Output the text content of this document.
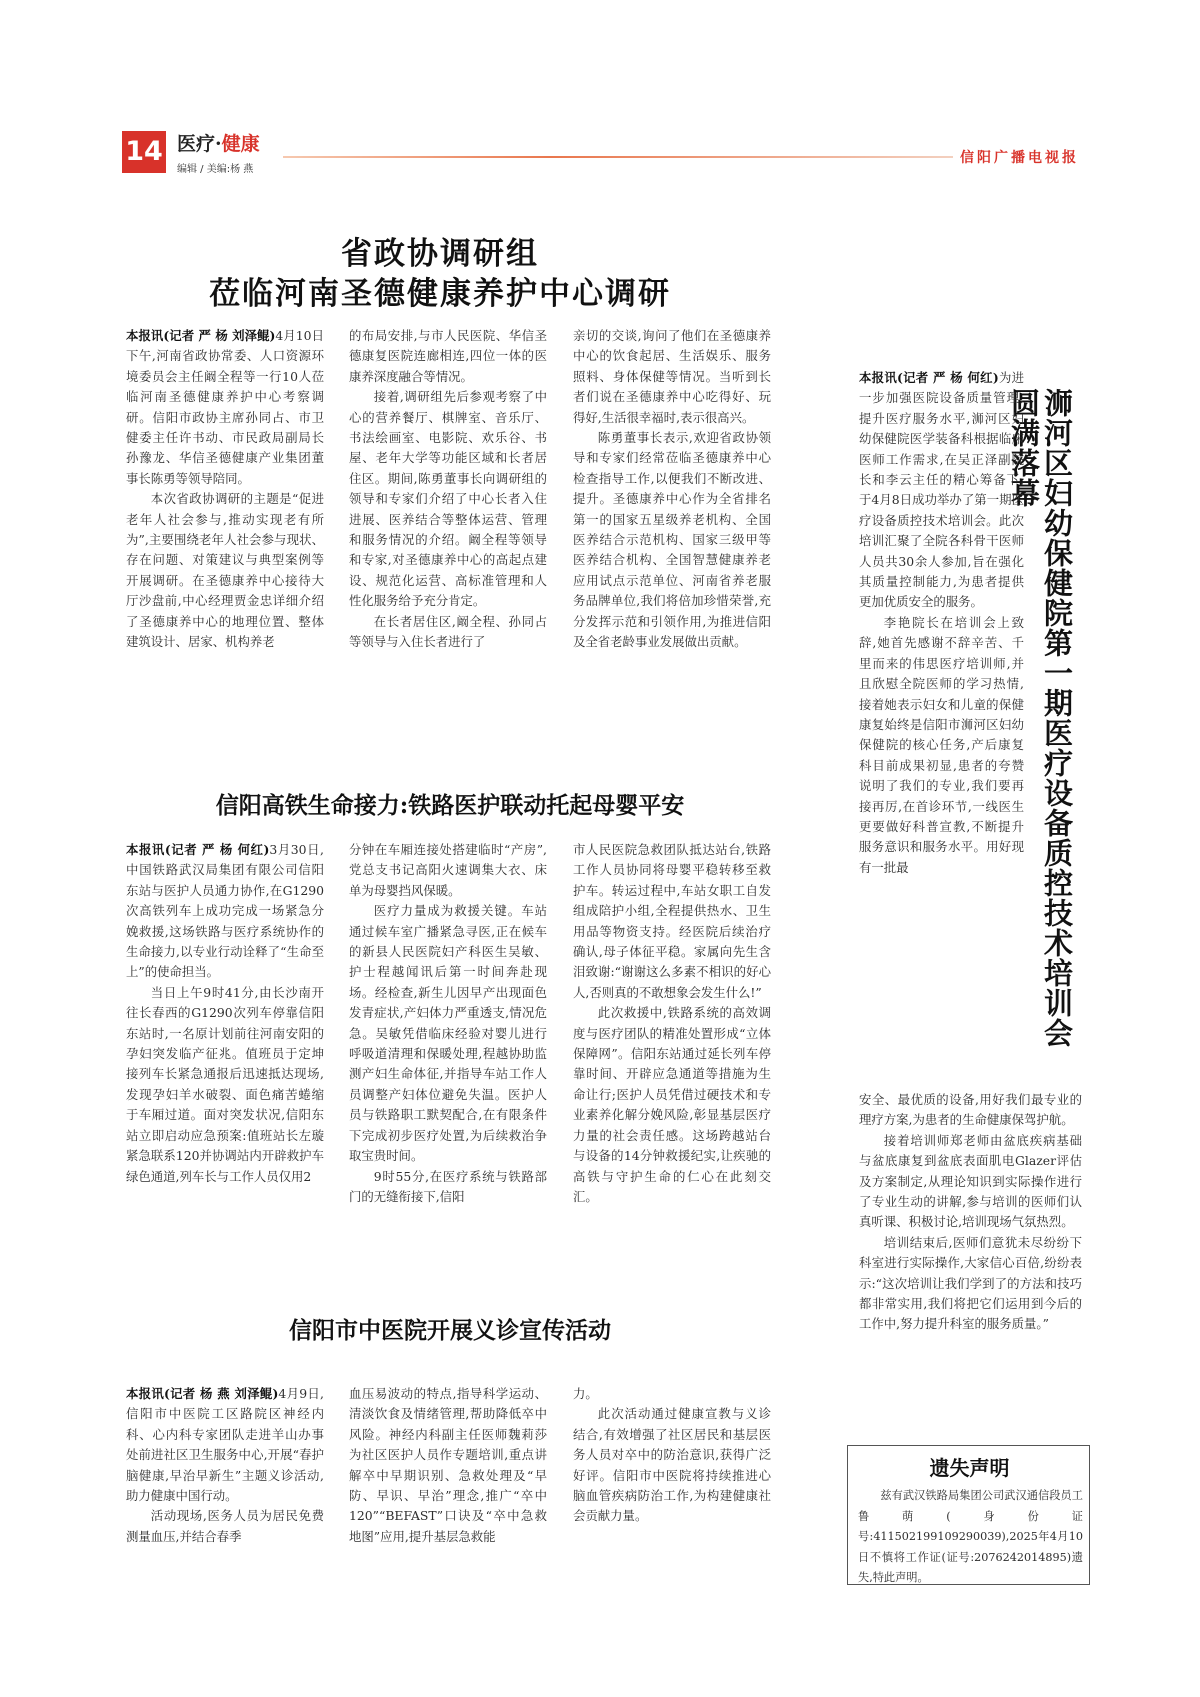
14 医疗·健康
编辑 / 美编:杨 燕
信阳广播电视报
省政协调研组
莅临河南圣德健康养护中心调研

本报讯(记者 严 杨 刘泽鲲)4月10日下午,河南省政协常委、人口资源环境委员会主任阚全程等一行10人莅临河南圣德健康养护中心考察调研。信阳市政协主席孙同占、市卫健委主任许书动、市民政局副局长孙豫龙、华信圣德健康产业集团董事长陈勇等领导陪同。

本次省政协调研的主题是“促进老年人社会参与,推动实现老有所为”,主要围绕老年人社会参与现状、存在问题、对策建议与典型案例等开展调研。在圣德康养中心接待大厅沙盘前,中心经理贾金忠详细介绍了圣德康养中心的地理位置、整体建筑设计、居家、机构养老

的布局安排,与市人民医院、华信圣德康复医院连廊相连,四位一体的医康养深度融合等情况。

接着,调研组先后参观考察了中心的营养餐厅、棋牌室、音乐厅、书法绘画室、电影院、欢乐谷、书屋、老年大学等功能区域和长者居住区。期间,陈勇董事长向调研组的领导和专家们介绍了中心长者入住进展、医养结合等整体运营、管理和服务情况的介绍。阚全程等领导和专家,对圣德康养中心的高起点建设、规范化运营、高标准管理和人性化服务给予充分肯定。

在长者居住区,阚全程、孙同占等领导与入住长者进行了

亲切的交谈,询问了他们在圣德康养中心的饮食起居、生活娱乐、服务照料、身体保健等情况。当听到长者们说在圣德康养中心吃得好、玩得好,生活很幸福时,表示很高兴。

陈勇董事长表示,欢迎省政协领导和专家们经常莅临圣德康养中心检查指导工作,以便我们不断改进、提升。圣德康养中心作为全省排名第一的国家五星级养老机构、全国医养结合示范机构、国家三级甲等医养结合机构、全国智慧健康养老应用试点示范单位、河南省养老服务品牌单位,我们将倍加珍惜荣誉,充分发挥示范和引领作用,为推进信阳及全省老龄事业发展做出贡献。

信阳高铁生命接力:铁路医护联动托起母婴平安

本报讯(记者 严 杨 何红)3月30日,中国铁路武汉局集团有限公司信阳东站与医护人员通力协作,在G1290次高铁列车上成功完成一场紧急分娩救援,这场铁路与医疗系统协作的生命接力,以专业行动诠释了“生命至上”的使命担当。

当日上午9时41分,由长沙南开往长春西的G1290次列车停靠信阳东站时,一名原计划前往河南安阳的孕妇突发临产征兆。值班员于定坤接列车长紧急通报后迅速抵达现场,发现孕妇羊水破裂、面色痛苦蜷缩于车厢过道。面对突发状况,信阳东站立即启动应急预案:值班站长左璇紧急联系120并协调站内开辟救护车绿色通道,列车长与工作人员仅用2

分钟在车厢连接处搭建临时“产房”,党总支书记高阳火速调集大衣、床单为母婴挡风保暖。

医疗力量成为救援关键。车站通过候车室广播紧急寻医,正在候车的新县人民医院妇产科医生吴敏、护士程越闻讯后第一时间奔赴现场。经检查,新生儿因早产出现面色发青症状,产妇体力严重透支,情况危急。吴敏凭借临床经验对婴儿进行呼吸道清理和保暖处理,程越协助监测产妇生命体征,并指导车站工作人员调整产妇体位避免失温。医护人员与铁路职工默契配合,在有限条件下完成初步医疗处置,为后续救治争取宝贵时间。

9时55分,在医疗系统与铁路部门的无缝衔接下,信阳

市人民医院急救团队抵达站台,铁路工作人员协同将母婴平稳转移至救护车。转运过程中,车站女职工自发组成陪护小组,全程提供热水、卫生用品等物资支持。经医院后续治疗确认,母子体征平稳。家属向先生含泪致谢:“谢谢这么多素不相识的好心人,否则真的不敢想象会发生什么!”

此次救援中,铁路系统的高效调度与医疗团队的精准处置形成“立体保障网”。信阳东站通过延长列车停靠时间、开辟应急通道等措施为生命让行;医护人员凭借过硬技术和专业素养化解分娩风险,彰显基层医疗力量的社会责任感。这场跨越站台与设备的14分钟救援纪实,让疾驰的高铁与守护生命的仁心在此刻交汇。

信阳市中医院开展义诊宣传活动

本报讯(记者 杨 燕 刘泽鲲)4月9日,信阳市中医院工区路院区神经内科、心内科专家团队走进羊山办事处前进社区卫生服务中心,开展“春护脑健康,早治早新生”主题义诊活动,助力健康中国行动。

活动现场,医务人员为居民免费测量血压,并结合春季

血压易波动的特点,指导科学运动、清淡饮食及情绪管理,帮助降低卒中风险。神经内科副主任医师魏莉莎为社区医护人员作专题培训,重点讲解卒中早期识别、急救处理及“早防、早识、早治”理念,推广“卒中120”“BEFAST”口诀及“卒中急救地图”应用,提升基层急救能

力。

此次活动通过健康宣教与义诊结合,有效增强了社区居民和基层医务人员对卒中的防治意识,获得广泛好评。信阳市中医院将持续推进心脑血管疾病防治工作,为构建健康社会贡献力量。

浉河区妇幼保健院第一期医疗设备质控技术培训会圆满落幕

本报讯(记者 严 杨 何红)为进一步加强医院设备质量管理,提升医疗服务水平,浉河区妇幼保健院医学装备科根据临床医师工作需求,在吴正泽副院长和李云主任的精心筹备下,于4月8日成功举办了第一期医疗设备质控技术培训会。此次培训汇聚了全院各科骨干医师人员共30余人参加,旨在强化其质量控制能力,为患者提供更加优质安全的服务。

李艳院长在培训会上致辞,她首先感谢不辞辛苦、千里而来的伟思医疗培训师,并且欣慰全院医师的学习热情,接着她表示妇女和儿童的保健康复始终是信阳市浉河区妇幼保健院的核心任务,产后康复科目前成果初显,患者的夸赞说明了我们的专业,我们要再接再厉,在首诊环节,一线医生更要做好科普宣教,不断提升服务意识和服务水平。用好现有一批最

安全、最优质的设备,用好我们最专业的理疗方案,为患者的生命健康保驾护航。

接着培训师郑老师由盆底疾病基础与盆底康复到盆底表面肌电Glazer评估及方案制定,从理论知识到实际操作进行了专业生动的讲解,参与培训的医师们认真听课、积极讨论,培训现场气氛热烈。

培训结束后,医师们意犹未尽纷纷下科室进行实际操作,大家信心百倍,纷纷表示:“这次培训让我们学到了的方法和技巧都非常实用,我们将把它们运用到今后的工作中,努力提升科室的服务质量。”

遗失声明

兹有武汉铁路局集团公司武汉通信段员工鲁萌(身份证号:411502199109290039),2025年4月10日不慎将工作证(证号:2076242014895)遗失,特此声明。
